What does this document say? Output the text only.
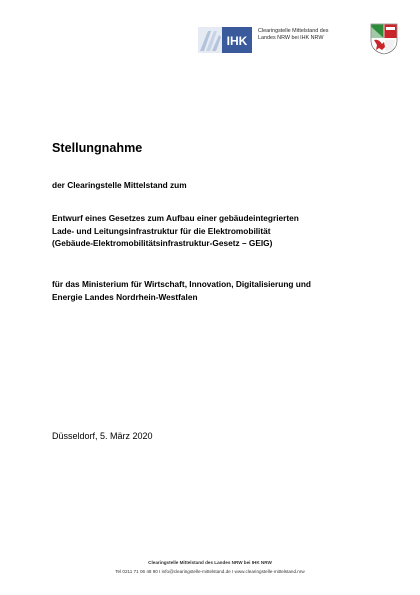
IHK
Clearingstelle Mittelstand des
Landes NRW bei IHK NRW
Stellungnahme
der Clearingstelle Mittelstand zum
Entwurf eines Gesetzes zum Aufbau einer gebäudeintegrierten
Lade- und Leitungsinfrastruktur für die Elektromobilität
(Gebäude-Elektromobilitätsinfrastruktur-Gesetz – GEIG)
für das Ministerium für Wirtschaft, Innovation, Digitalisierung und
Energie Landes Nordrhein-Westfalen
Düsseldorf, 5. März 2020
Clearingstelle Mittelstand des Landes NRW bei IHK NRW
Tel 0211 71 06 48 90 I info@clearingstelle-mittelstand.de I www.clearingstelle-mittelstand.nrw
